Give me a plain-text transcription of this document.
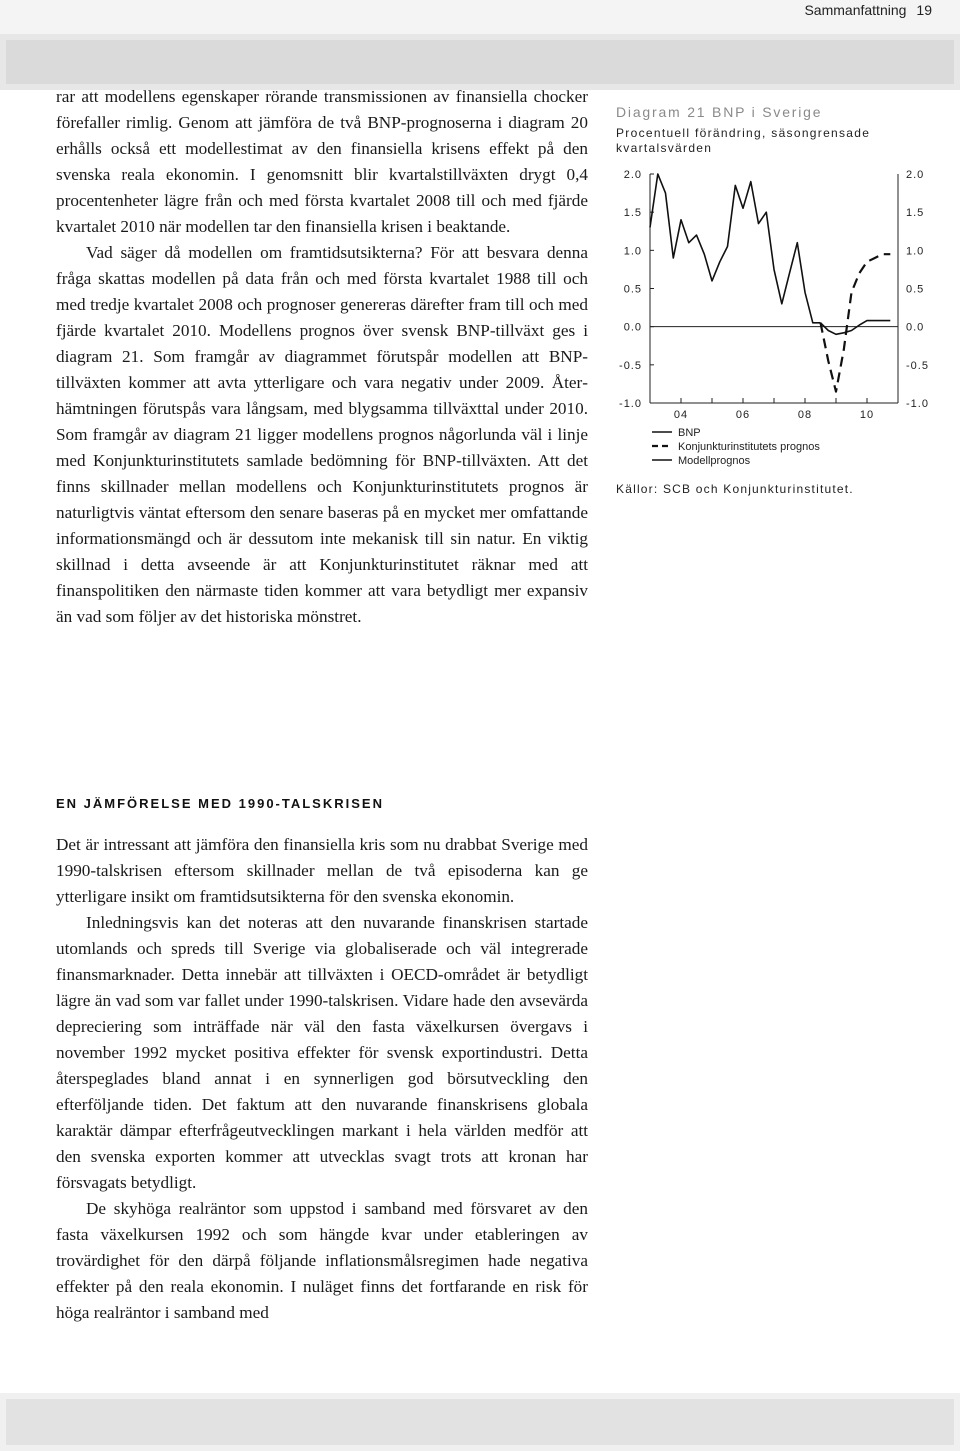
Sammanfattning 19

rar att modellens egenskaper rörande transmissionen av finansiella chocker förefaller rimlig. Genom att jämföra de två BNP-prognoserna i diagram 20 erhålls också ett modellestimat av den finansiella krisens effekt på den svenska reala ekonomin. I genomsnitt blir kvartalstillväxten drygt 0,4 procentenheter lägre från och med första kvartalet 2008 till och med fjärde kvartalet 2010 när modellen tar den finansiella krisen i beaktande.

Vad säger då modellen om framtidsutsikterna? För att besvara denna fråga skattas modellen på data från och med första kvartalet 1988 till och med tredje kvartalet 2008 och prognoser genereras därefter fram till och med fjärde kvartalet 2010. Modellens prognos över svensk BNP-tillväxt ges i diagram 21. Som framgår av diagrammet förutspår modellen att BNP-tillväxten kommer att avta ytterligare och vara negativ under 2009. Återhämtningen förutspås vara långsam, med blygsamma tillväxttal under 2010. Som framgår av diagram 21 ligger modellens prognos någorlunda väl i linje med Konjunkturinstitutets samlade bedömning för BNP-tillväxten. Att det finns skillnader mellan modellens och Konjunkturinstitutets prognos är naturligtvis väntat eftersom den senare baseras på en mycket mer omfattande informationsmängd och är dessutom inte mekanisk till sin natur. En viktig skillnad i detta avseende är att Konjunkturinstitutet räknar med att finanspolitiken den närmaste tiden kommer att vara betydligt mer expansiv än vad som följer av det historiska mönstret.

Diagram 21 BNP i Sverige
Procentuell förändring, säsongrensade kvartalsvärden
2.0	2.0
1.5	1.5
1.0	1.0
0.5	0.5
0.0	0.0
-0.5	-0.5
-1.0	-1.0
04	06	08	10
BNP
Konjunkturinstitutets prognos
Modellprognos
Källor: SCB och Konjunkturinstitutet.
EN JÄMFÖRELSE MED 1990-TALSKRISEN

Det är intressant att jämföra den finansiella kris som nu drabbat Sverige med 1990-talskrisen eftersom skillnader mellan de två episoderna kan ge ytterligare insikt om framtidsutsikterna för den svenska ekonomin.

Inledningsvis kan det noteras att den nuvarande finanskrisen startade utomlands och spreds till Sverige via globaliserade och väl integrerade finansmarknader. Detta innebär att tillväxten i OECD-området är betydligt lägre än vad som var fallet under 1990-talskrisen. Vidare hade den avsevärda depreciering som inträffade när väl den fasta växelkursen övergavs i november 1992 mycket positiva effekter för svensk exportindustri. Detta återspeglades bland annat i en synnerligen god börsutveckling den efterföljande tiden. Det faktum att den nuvarande finanskrisens globala karaktär dämpar efterfrågeutvecklingen markant i hela världen medför att den svenska exporten kommer att utvecklas svagt trots att kronan har försvagats betydligt.

De skyhöga realräntor som uppstod i samband med försvaret av den fasta växelkursen 1992 och som hängde kvar under etableringen av trovärdighet för den därpå följande inflationsmålsregimen hade negativa effekter på den reala ekonomin. I nuläget finns det fortfarande en risk för höga realräntor i samband med
